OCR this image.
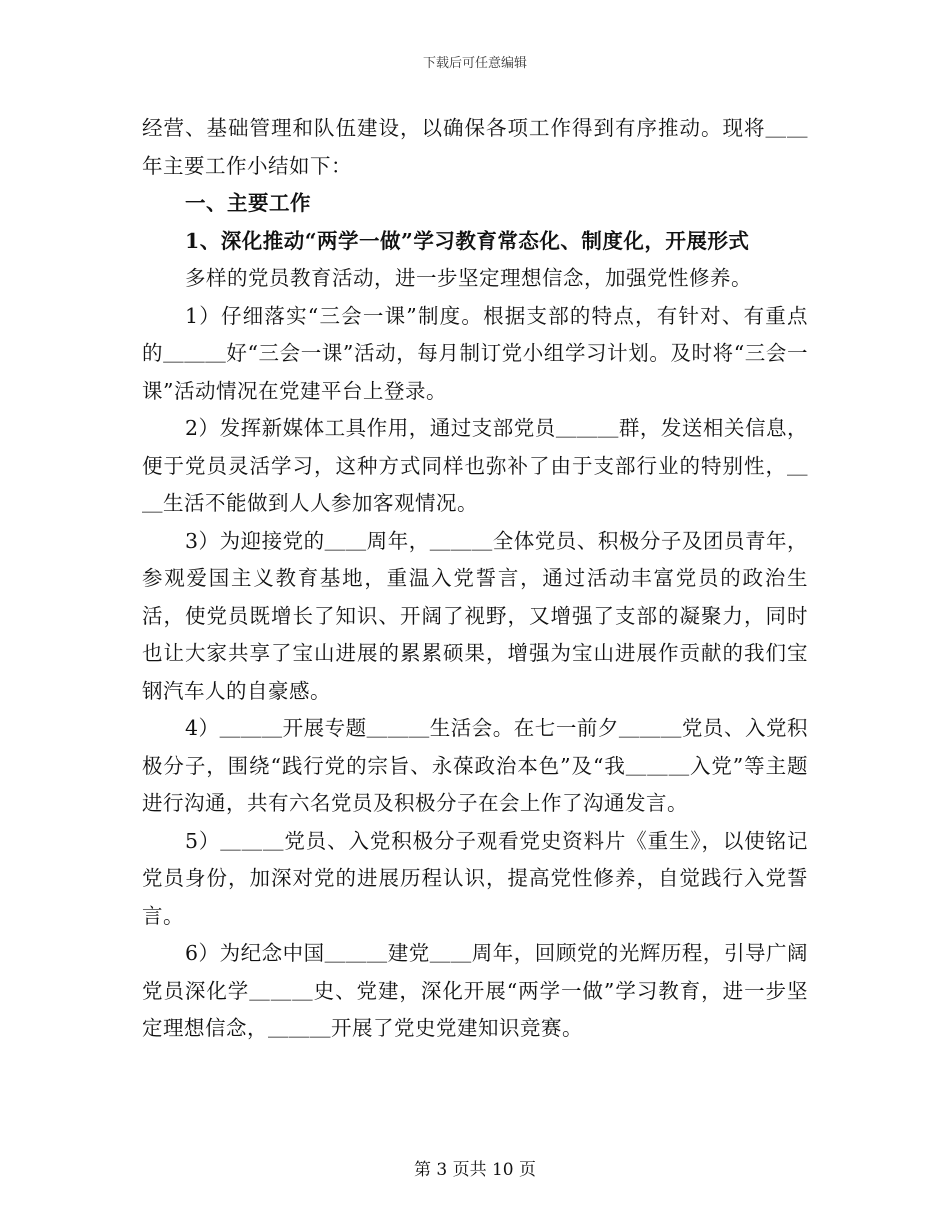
下载后可任意编辑

经营、基础管理和队伍建设，以确保各项工作得到有序推动。现将＿＿年主要工作小结如下：

一、主要工作

1、深化推动“两学一做”学习教育常态化、制度化，开展形式

多样的党员教育活动，进一步坚定理想信念，加强党性修养。

1）仔细落实“三会一课”制度。根据支部的特点，有针对、有重点的＿＿＿好“三会一课”活动，每月制订党小组学习计划。及时将“三会一课”活动情况在党建平台上登录。

2）发挥新媒体工具作用，通过支部党员＿＿＿群，发送相关信息，便于党员灵活学习，这种方式同样也弥补了由于支部行业的特别性，＿＿生活不能做到人人参加客观情况。

3）为迎接党的＿＿周年，＿＿＿全体党员、积极分子及团员青年，参观爱国主义教育基地，重温入党誓言，通过活动丰富党员的政治生活，使党员既增长了知识、开阔了视野，又增强了支部的凝聚力，同时也让大家共享了宝山进展的累累硕果，增强为宝山进展作贡献的我们宝钢汽车人的自豪感。

4）＿＿＿开展专题＿＿＿生活会。在七一前夕＿＿＿党员、入党积极分子，围绕“践行党的宗旨、永葆政治本色”及“我＿＿＿入党”等主题进行沟通，共有六名党员及积极分子在会上作了沟通发言。

5）＿＿＿党员、入党积极分子观看党史资料片《重生》，以使铭记党员身份，加深对党的进展历程认识，提高党性修养，自觉践行入党誓言。

6）为纪念中国＿＿＿建党＿＿周年，回顾党的光辉历程，引导广阔党员深化学＿＿＿史、党建，深化开展“两学一做”学习教育，进一步坚定理想信念，＿＿＿开展了党史党建知识竞赛。

第 3 页共 10 页
